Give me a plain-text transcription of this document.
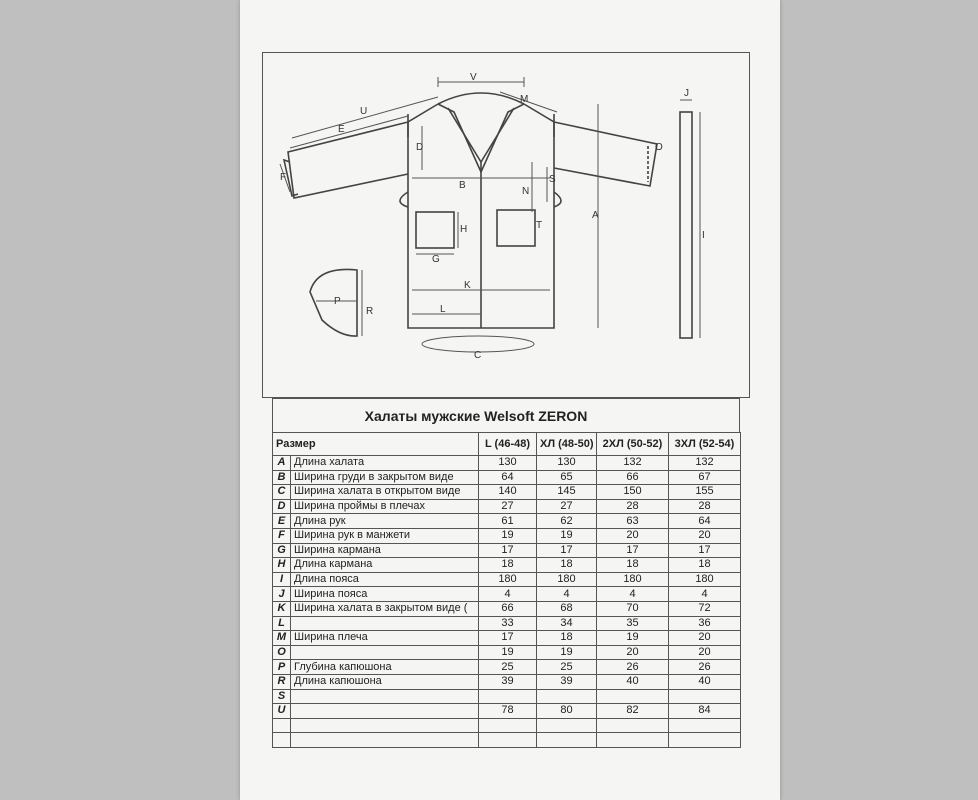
V
U
M
E
J
D	O
F
B
N
S
A
H	T
I
G
K
P
R	L
C
Халаты мужские Welsoft ZERON
Размер		L (46-48)	ХЛ (48-50)	2ХЛ (50-52)	3ХЛ (52-54)
A	Длина халата	130	130	132	132
B	Ширина груди в закрытом виде	64	65	66	67
C	Ширина халата в открытом виде	140	145	150	155
D	Ширина проймы в плечах	27	27	28	28
E	Длина рук	61	62	63	64
F	Ширина рук в манжети	19	19	20	20
G	Ширина кармана	17	17	17	17
H	Длина кармана	18	18	18	18
I	Длина пояса	180	180	180	180
J	Ширина пояса	4	4	4	4
K	Ширина халата в закрытом виде (	66	68	70	72
L		33	34	35	36
M	Ширина плеча	17	18	19	20
O		19	19	20	20
P	Глубина капюшона	25	25	26	26
R	Длина капюшона	39	39	40	40
S					
U		78	80	82	84
